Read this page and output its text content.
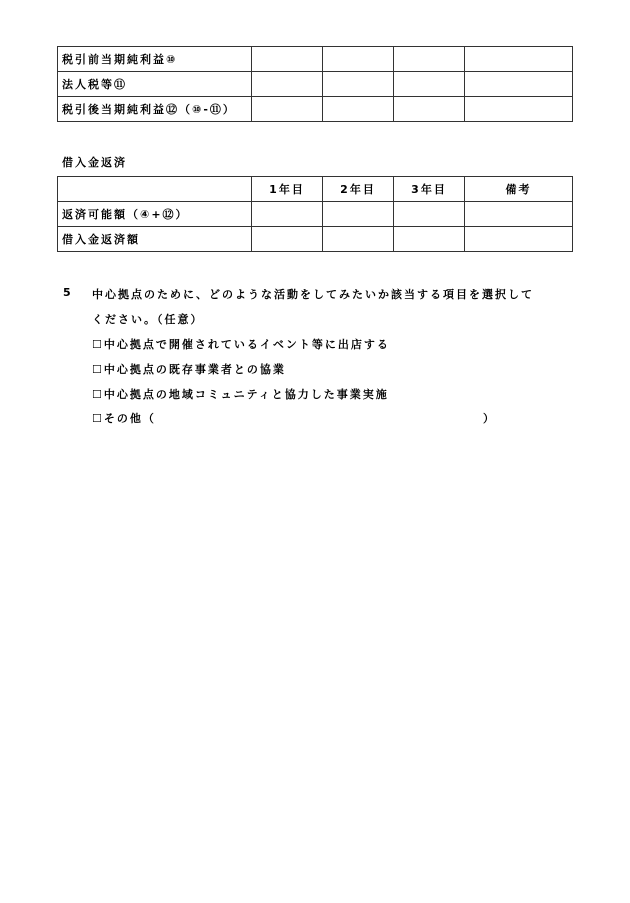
税引前当期純利益⑩				
法人税等⑪				
税引後当期純利益⑫（⑩-⑪）				
借入金返済
	1年目	2年目	3年目	備考
返済可能額（④+⑫）				
借入金返済額				
5 中心拠点のために、どのような活動をしてみたいか該当する項目を選択して
ください。（任意）
☐中心拠点で開催されているイベント等に出店する
☐中心拠点の既存事業者との協業
☐中心拠点の地域コミュニティと協力した事業実施
☐その他（	）
